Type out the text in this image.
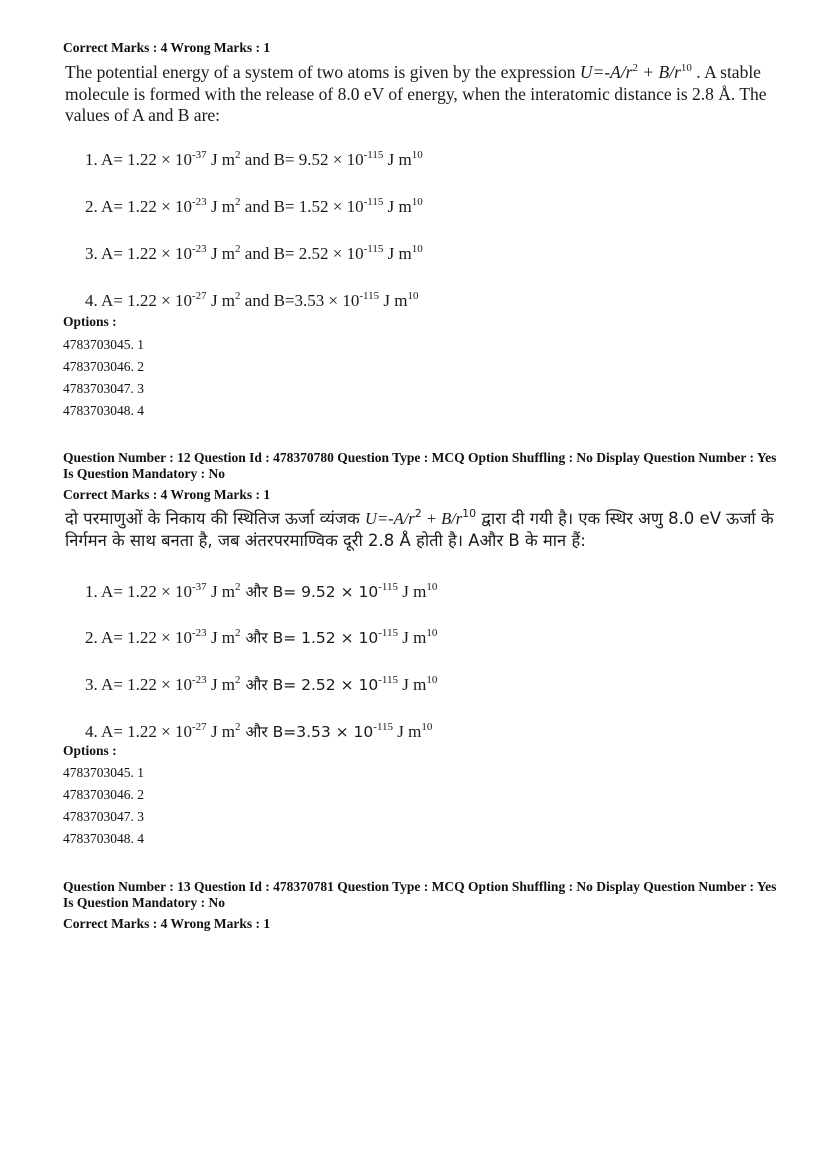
Correct Marks : 4 Wrong Marks : 1
The potential energy of a system of two atoms is given by the expression $U=-A/r^2 + B/r^{10}$ . A stable molecule is formed with the release of 8.0 eV of energy, when the interatomic distance is 2.8 Å. The values of A and B are:
1. $A= 1.22 \times 10^{-37}$ J $m^2$ and $B= 9.52 \times 10^{-115}$ J $m^{10}$
2. $A= 1.22 \times 10^{-23}$ J $m^2$ and $B= 1.52 \times 10^{-115}$ J $m^{10}$
3. $A= 1.22 \times 10^{-23}$ J $m^2$ and $B= 2.52 \times 10^{-115}$ J $m^{10}$
4. $A= 1.22 \times 10^{-27}$ J $m^2$ and $B=3.53 \times 10^{-115}$ J $m^{10}$
Options :
4783703045. 1
4783703046. 2
4783703047. 3
4783703048. 4
Question Number : 12 Question Id : 478370780 Question Type : MCQ Option Shuffling : No Display Question Number : Yes Is Question Mandatory : No
Correct Marks : 4 Wrong Marks : 1
दो परमाणुओं के निकाय की स्थितिज ऊर्जा व्यंजक $U=-A/r^2 + B/r^{10}$ द्वारा दी गयी है। एक स्थिर अणु 8.0 eV ऊर्जा के निर्गमन के साथ बनता है, जब अंतरपरमाण्विक दूरी 2.8 Å होती है। Aऔर B के मान हैं:
1. $A= 1.22 \times 10^{-37}$ J $m^2$ और $B= 9.52 \times 10^{-115}$ J $m^{10}$
2. $A= 1.22 \times 10^{-23}$ J $m^2$ और $B= 1.52 \times 10^{-115}$ J $m^{10}$
3. $A= 1.22 \times 10^{-23}$ J $m^2$ और $B= 2.52 \times 10^{-115}$ J $m^{10}$
4. $A= 1.22 \times 10^{-27}$ J $m^2$ और $B=3.53 \times 10^{-115}$ J $m^{10}$
Options :
4783703045. 1
4783703046. 2
4783703047. 3
4783703048. 4
Question Number : 13 Question Id : 478370781 Question Type : MCQ Option Shuffling : No Display Question Number : Yes Is Question Mandatory : No
Correct Marks : 4 Wrong Marks : 1
